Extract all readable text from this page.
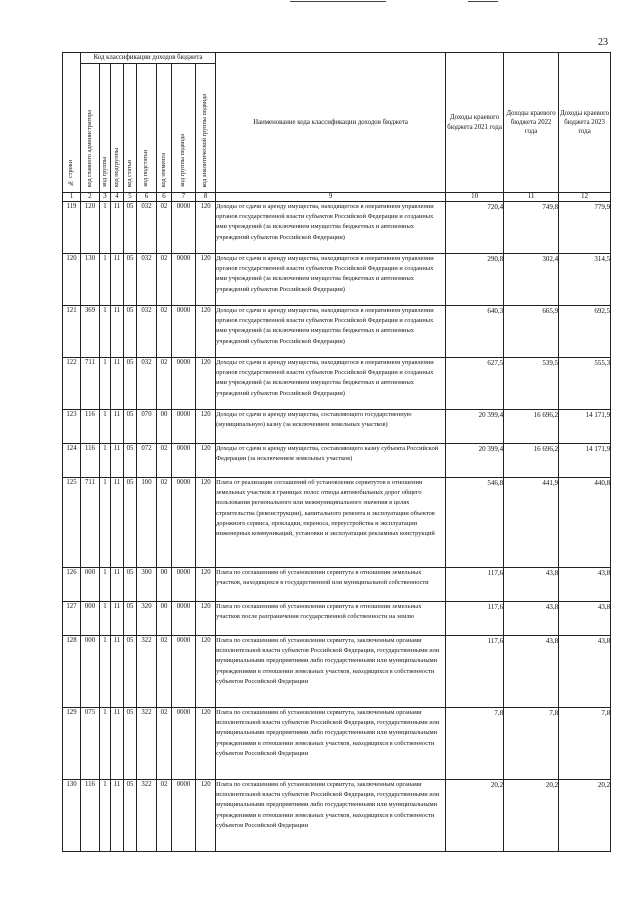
23
№ строки	Код классификации доходов бюджета								Наименование кода классификации доходов бюджета	Доходы краевого бюджета 2021 года	Доходы краевого бюджета 2022 года	Доходы краевого бюджета 2023 года
	код главного администратора	код группы	код подгруппы	код статьи	код подстатьи	код элемента	код группы подвида	код аналитической группы подвида				
1	2	3	4	5	6	6	7	8	9	10	11	12
119	120	1	11	05	032	02	0000	120	Доходы от сдачи в аренду имущества, находящегося в оперативном управлении органов государственной власти субъектов Российской Федерации и созданных ими учреждений (за исключением имущества бюджетных и автономных учреждений субъектов Российской Федерации)	720,4	749,8	779,9
120	130	1	11	05	032	02	0000	120	Доходы от сдачи в аренду имущества, находящегося в оперативном управлении органов государственной власти субъектов Российской Федерации и созданных ими учреждений (за исключением имущества бюджетных и автономных учреждений субъектов Российской Федерации)	290,8	302,4	314,5
121	369	1	11	05	032	02	0000	120	Доходы от сдачи в аренду имущества, находящегося в оперативном управлении органов государственной власти субъектов Российской Федерации и созданных ими учреждений (за исключением имущества бюджетных и автономных учреждений субъектов Российской Федерации)	640,3	665,9	692,5
122	711	1	11	05	032	02	0000	120	Доходы от сдачи в аренду имущества, находящегося в оперативном управлении органов государственной власти субъектов Российской Федерации и созданных ими учреждений (за исключением имущества бюджетных и автономных учреждений субъектов Российской Федерации)	627,5	539,5	555,3
123	116	1	11	05	070	00	0000	120	Доходы от сдачи в аренду имущества, составляющего государственную (муниципальную) казну (за исключением земельных участков)	20 399,4	16 696,2	14 171,9
124	116	1	11	05	072	02	0000	120	Доходы от сдачи в аренду имущества, составляющего казну субъекта Российской Федерации (за исключением земельных участков)	20 399,4	16 696,2	14 171,9
125	711	1	11	05	100	02	0000	120	Плата от реализации соглашений об установлении сервитутов в отношении земельных участков в границах полос отвода автомобильных дорог общего пользования регионального или межмуниципального значения в целях строительства (реконструкции), капитального ремонта и эксплуатации объектов дорожного сервиса, прокладки, переноса, переустройства и эксплуатации инженерных коммуникаций, установки и эксплуатации рекламных конструкций	546,8	441,9	440,8
126	000	1	11	05	300	00	0000	120	Плата по соглашениям об установлении сервитута в отношении земельных участков, находящихся в государственной или муниципальной собственности	117,6	43,8	43,8
127	000	1	11	05	320	00	0000	120	Плата по соглашениям об установлении сервитута в отношении земельных участков после разграничения государственной собственности на землю	117,6	43,8	43,8
128	000	1	11	05	322	02	0000	120	Плата по соглашениям об установлении сервитута, заключенным органами исполнительной власти субъектов Российской Федерации, государственными или муниципальными предприятиями либо государственными или муниципальными учреждениями в отношении земельных участков, находящихся в собственности субъектов Российской Федерации	117,6	43,8	43,8
129	075	1	11	05	322	02	0000	120	Плата по соглашениям об установлении сервитута, заключенным органами исполнительной власти субъектов Российской Федерации, государственными или муниципальными предприятиями либо государственными или муниципальными учреждениями в отношении земельных участков, находящихся в собственности субъектов Российской Федерации	7,8	7,8	7,8
130	116	1	11	05	322	02	0000	120	Плата по соглашениям об установлении сервитута, заключенным органами исполнительной власти субъектов Российской Федерации, государственными или муниципальными предприятиями либо государственными или муниципальными учреждениями в отношении земельных участков, находящихся в собственности субъектов Российской Федерации	20,2	20,2	20,2
